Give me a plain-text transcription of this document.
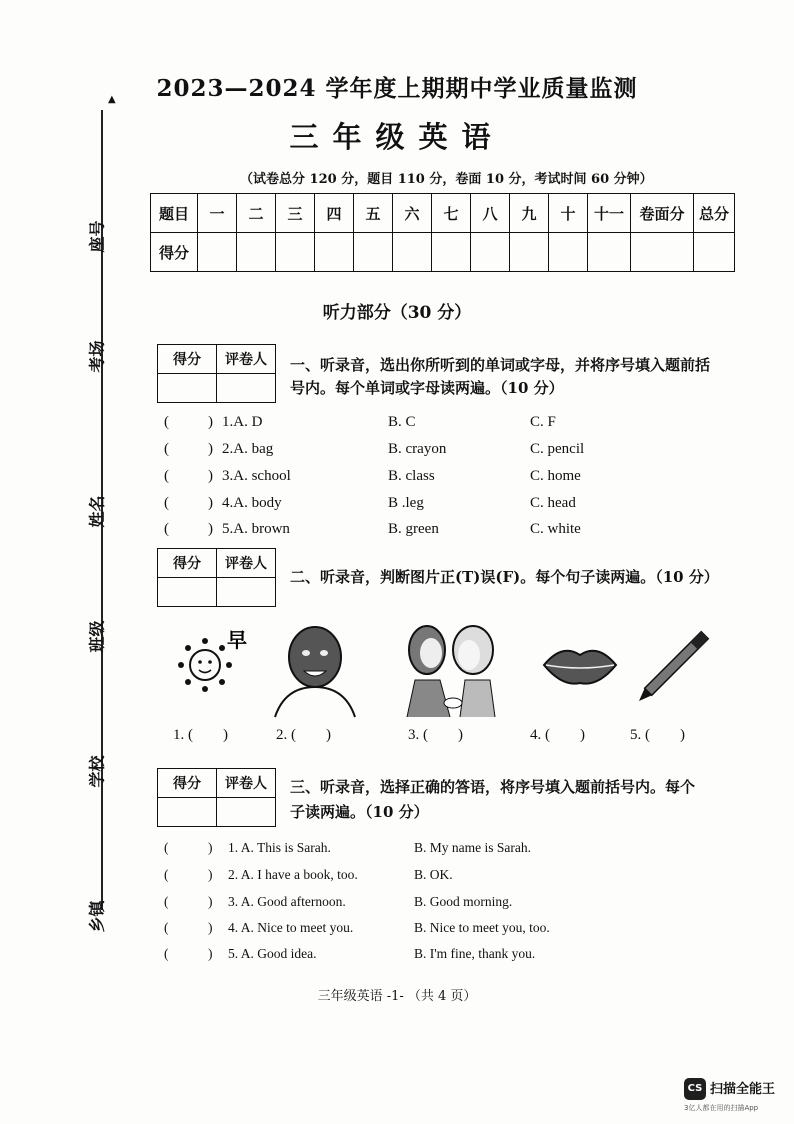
2023—2024 学年度上期期中学业质量监测
三年级英语
（试卷总分 120 分，题目 110 分，卷面 10 分，考试时间 60 分钟）
▲
座号
考场
姓名
班级
学校
乡镇
题目	一	二	三	四	五	六	七	八	九	十	十一	卷面分	总分
得分													
听力部分（30 分）
得分	评卷人
	一、听录音，选出你所听到的单词或字母，并将序号填入题前括
号内。每个单词或字母读两遍。（10 分）
(	) 1.A. D	B. C	C. F
(	) 2.A. bag	B. crayon	C. pencil
(	) 3.A. school	B. class	C. home
(	) 4.A. body	B .leg	C. head
(	) 5.A. brown	B. green	C. white
得分	评卷人

二、听录音，判断图片正(T)误(F)。每个句子读两遍。（10 分）
早
1. ( )	2. ( )	3. ( )	4. ( )	5. ( )
得分	评卷人
	三、听录音，选择正确的答语，将序号填入题前括号内。每个
子读两遍。（10 分）
(	) 1. A. This is Sarah.	B. My name is Sarah.
(	) 2. A. I have a book, too.	B. OK.
(	) 3. A. Good afternoon.	B. Good morning.
(	) 4. A. Nice to meet you.	B. Nice to meet you, too.
(	) 5. A. Good idea.	B. I'm fine, thank you.
三年级英语 -1- （共 4 页）
CS 扫描全能王
3亿人都在用的扫描App
